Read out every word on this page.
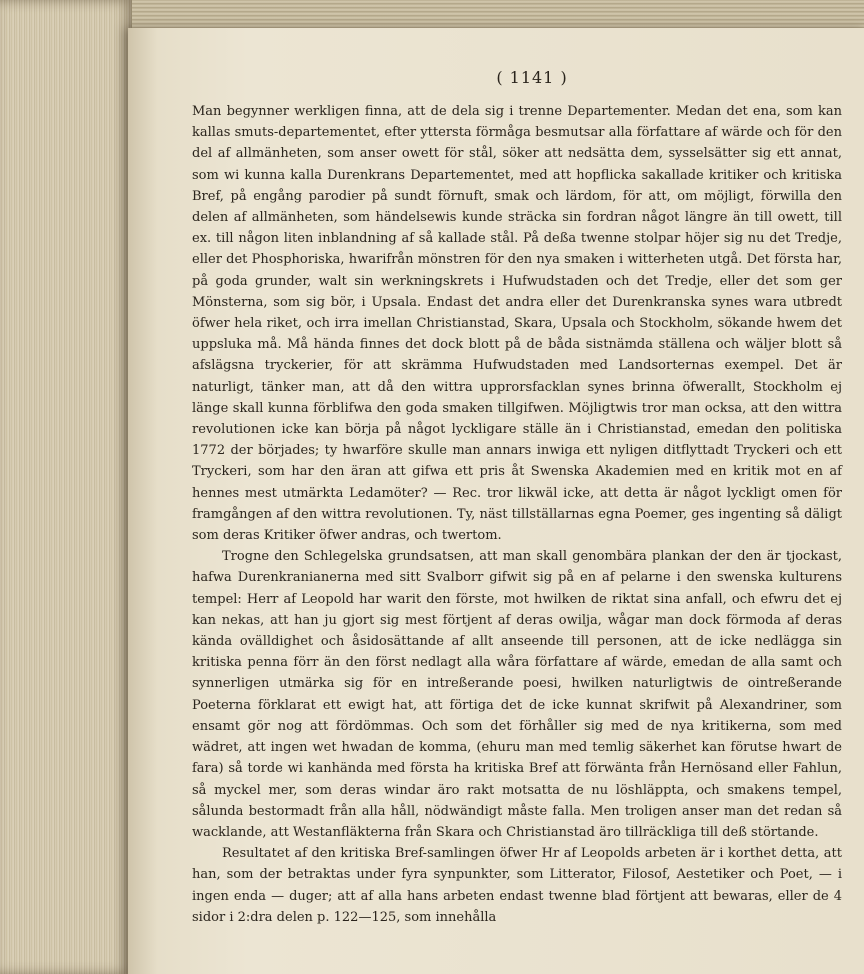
( 1141 )

Man begynner werkligen finna, att de dela sig i trenne Departementer. Medan det ena, som kan kallas smuts-departementet, efter yttersta förmåga besmutsar alla författare af wärde och för den del af allmänheten, som anser owett för stål, söker att nedsätta dem, sysselsätter sig ett annat, som wi kunna kalla Durenkrans Departementet, med att hopflicka sakallade kritiker och kritiska Bref, på engång parodier på sundt förnuft, smak och lärdom, för att, om möjligt, förwilla den delen af allmänheten, som händelsewis kunde sträcka sin fordran något längre än till owett, till ex. till någon liten inblandning af så kallade stål. På deßa twenne stolpar höjer sig nu det Tredje, eller det Phosphoriska, hwarifrån mönstren för den nya smaken i witterheten utgå. Det första har, på goda grunder, walt sin werkningskrets i Hufwudstaden och det Tredje, eller det som ger Mönsterna, som sig bör, i Upsala. Endast det andra eller det Durenkranska synes wara utbredt öfwer hela riket, och irra imellan Christianstad, Skara, Upsala och Stockholm, sökande hwem det uppsluka må. Må hända finnes det dock blott på de båda sistnämda ställena och wäljer blott så afslägsna tryckerier, för att skrämma Hufwudstaden med Landsorternas exempel. Det är naturligt, tänker man, att då den wittra upprorsfacklan synes brinna öfwerallt, Stockholm ej länge skall kunna förblifwa den goda smaken tillgifwen. Möjligtwis tror man ocksa, att den wittra revolutionen icke kan börja på något lyckligare ställe än i Christianstad, emedan den politiska 1772 der börjades; ty hwarföre skulle man annars inwiga ett nyligen ditflyttadt Tryckeri och ett Tryckeri, som har den äran att gifwa ett pris åt Swenska Akademien med en kritik mot en af hennes mest utmärkta Ledamöter? — Rec. tror likwäl icke, att detta är något lyckligt omen för framgången af den wittra revolutionen. Ty, näst tillställarnas egna Poemer, ges ingenting så däligt som deras Kritiker öfwer andras, och twertom.

Trogne den Schlegelska grundsatsen, att man skall genombära plankan der den är tjockast, hafwa Durenkranianerna med sitt Svalborr gifwit sig på en af pelarne i den swenska kulturens tempel: Herr af Leopold har warit den förste, mot hwilken de riktat sina anfall, och efwru det ej kan nekas, att han ju gjort sig mest förtjent af deras owilja, wågar man dock förmoda af deras kända ovälldighet och åsidosättande af allt anseende till personen, att de icke nedlägga sin kritiska penna förr än den först nedlagt alla wåra författare af wärde, emedan de alla samt och synnerligen utmärka sig för en intreßerande poesi, hwilken naturligtwis de ointreßerande Poeterna förklarat ett ewigt hat, att förtiga det de icke kunnat skrifwit på Alexandriner, som ensamt gör nog att fördömmas. Och som det förhåller sig med de nya kritikerna, som med wädret, att ingen wet hwadan de komma, (ehuru man med temlig säkerhet kan förutse hwart de fara) så torde wi kanhända med första ha kritiska Bref att förwänta från Hernösand eller Fahlun, så myckel mer, som deras windar äro rakt motsatta de nu löshläppta, och smakens tempel, sålunda bestormadt från alla håll, nödwändigt måste falla. Men troligen anser man det redan så wacklande, att Westanfläkterna från Skara och Christianstad äro tillräckliga till deß störtande.

Resultatet af den kritiska Bref-samlingen öfwer Hr af Leopolds arbeten är i korthet detta, att han, som der betraktas under fyra synpunkter, som Litterator, Filosof, Aestetiker och Poet, — i ingen enda — duger; att af alla hans arbeten endast twenne blad förtjent att bewaras, eller de 4 sidor i 2:dra delen p. 122—125, som innehålla
